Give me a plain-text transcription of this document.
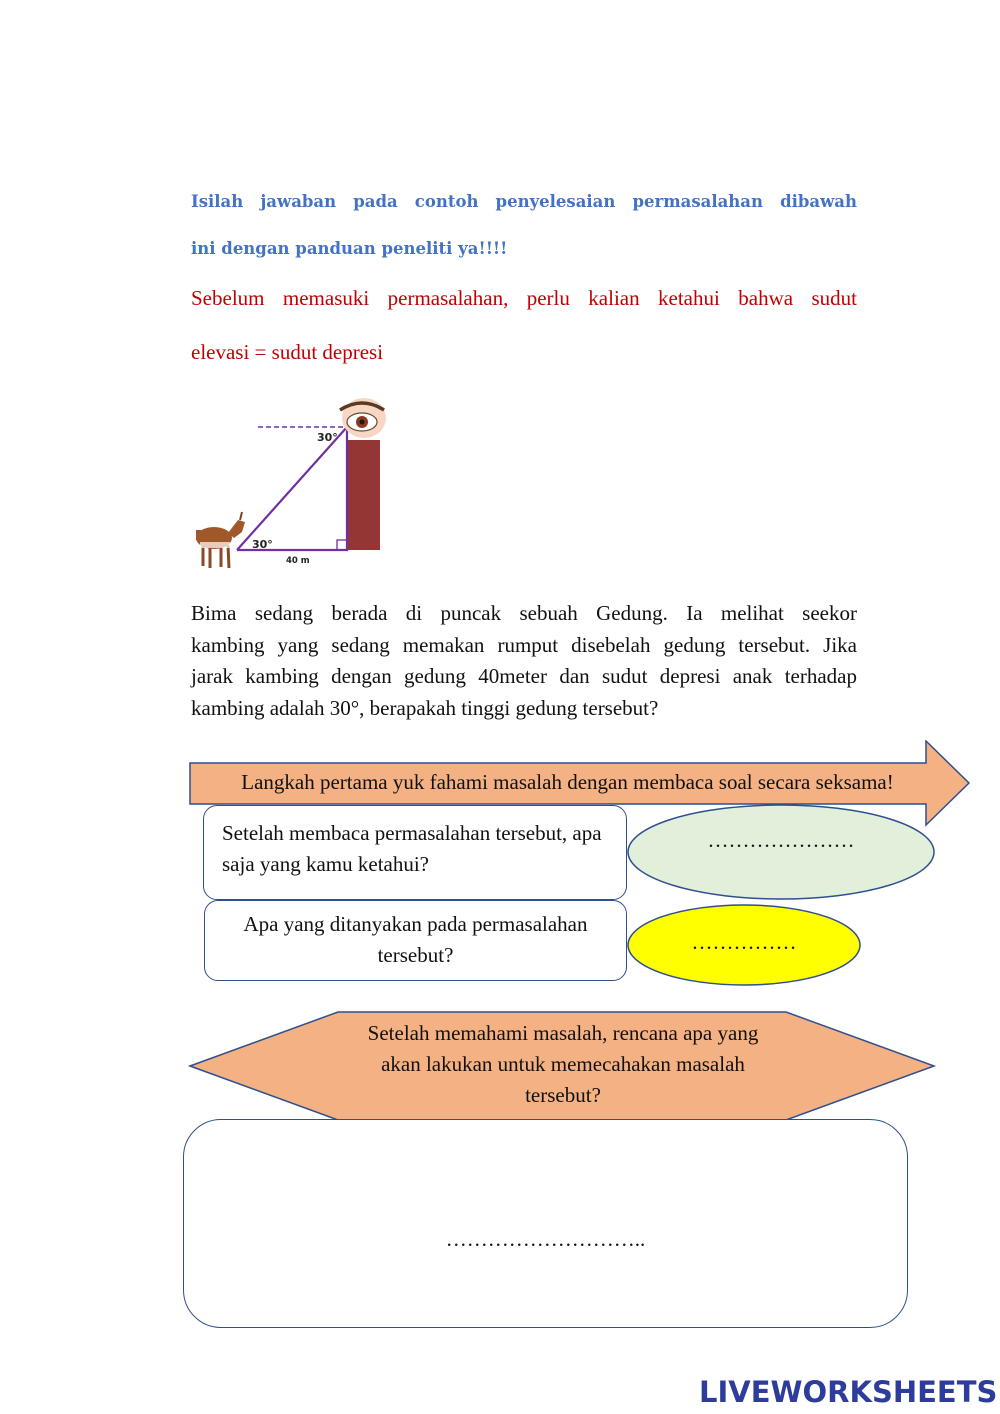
Isilah jawaban pada contoh penyelesaian permasalahan dibawah
ini dengan panduan peneliti ya!!!!
Sebelum memasuki permasalahan, perlu kalian ketahui bahwa sudut
elevasi = sudut depresi
30°
30°
40 m
Bima sedang berada di puncak sebuah Gedung. Ia melihat seekor
kambing yang sedang memakan rumput disebelah gedung tersebut. Jika
jarak kambing dengan gedung 40meter dan sudut depresi anak terhadap
kambing adalah 30°, berapakah tinggi gedung tersebut?
Langkah pertama yuk fahami masalah dengan membaca soal secara seksama!
Setelah membaca permasalahan tersebut, apa saja yang kamu ketahui?
…………………
Apa yang ditanyakan pada permasalahan tersebut?
……………
Setelah memahami masalah, rencana apa yang akan lakukan untuk memecahakan masalah tersebut?
………………………..
LIVEWORKSHEETS
